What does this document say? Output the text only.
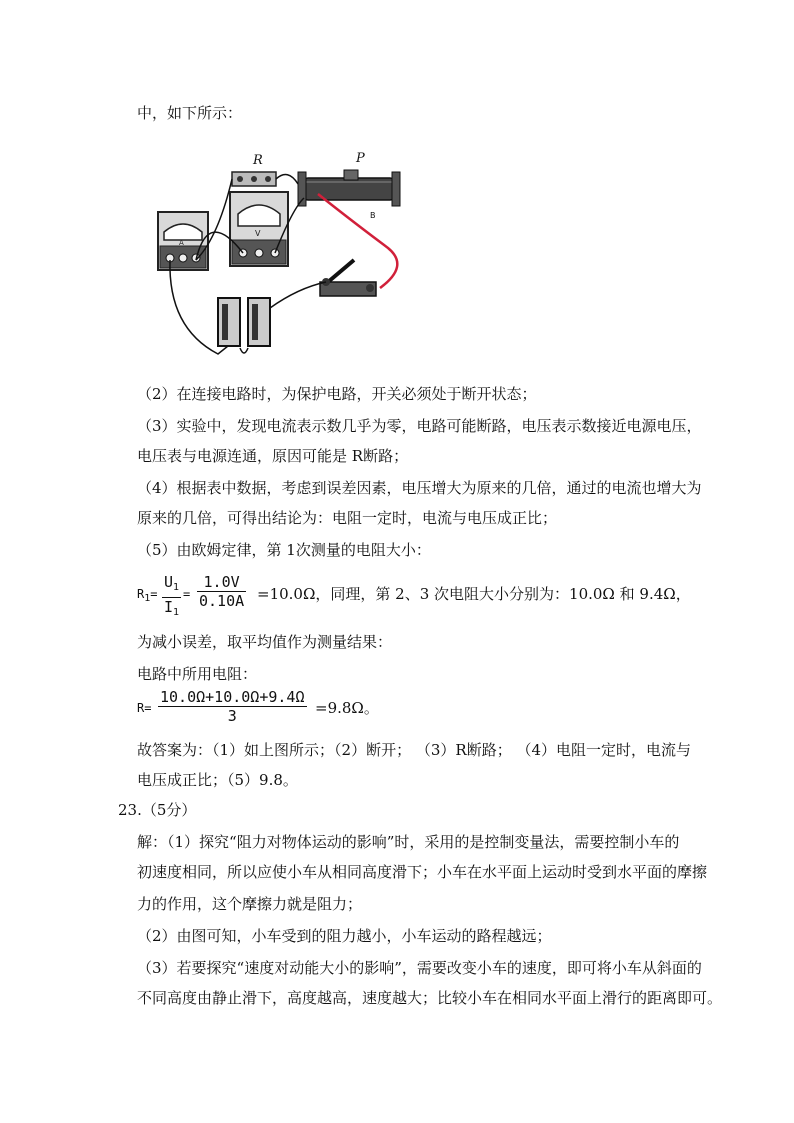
中，如下所示：
A
V
R	P
B
（2）在连接电路时，为保护电路，开关必须处于断开状态；
（3）实验中，发现电流表示数几乎为零，电路可能断路，电压表示数接近电源电压，
电压表与电源连通，原因可能是 R断路；
（4）根据表中数据，考虑到误差因素，电压增大为原来的几倍，通过的电流也增大为
原来的几倍，可得出结论为：电阻一定时，电流与电压成正比；
（5）由欧姆定律，第 1次测量的电阻大小：
$R_1=$
$U_1$
$I_1$
=
1.0V
0.10A =10.0Ω，同理，第 2、3 次电阻大小分别为：10.0Ω 和 9.4Ω，
为减小误差，取平均值作为测量结果：
电路中所用电阻：
R=
10.0Ω+10.0Ω+9.4Ω
3	=9.8Ω。
故答案为：（1）如上图所示；（2）断开； （3）R断路； （4）电阻一定时，电流与
电压成正比；（5）9.8。
23.（5分）
解：（1）探究“阻力对物体运动的影响”时，采用的是控制变量法，需要控制小车的
初速度相同，所以应使小车从相同高度滑下；小车在水平面上运动时受到水平面的摩擦
力的作用，这个摩擦力就是阻力；
（2）由图可知，小车受到的阻力越小，小车运动的路程越远；
（3）若要探究“速度对动能大小的影响”，需要改变小车的速度，即可将小车从斜面的
不同高度由静止滑下，高度越高，速度越大；比较小车在相同水平面上滑行的距离即可。
